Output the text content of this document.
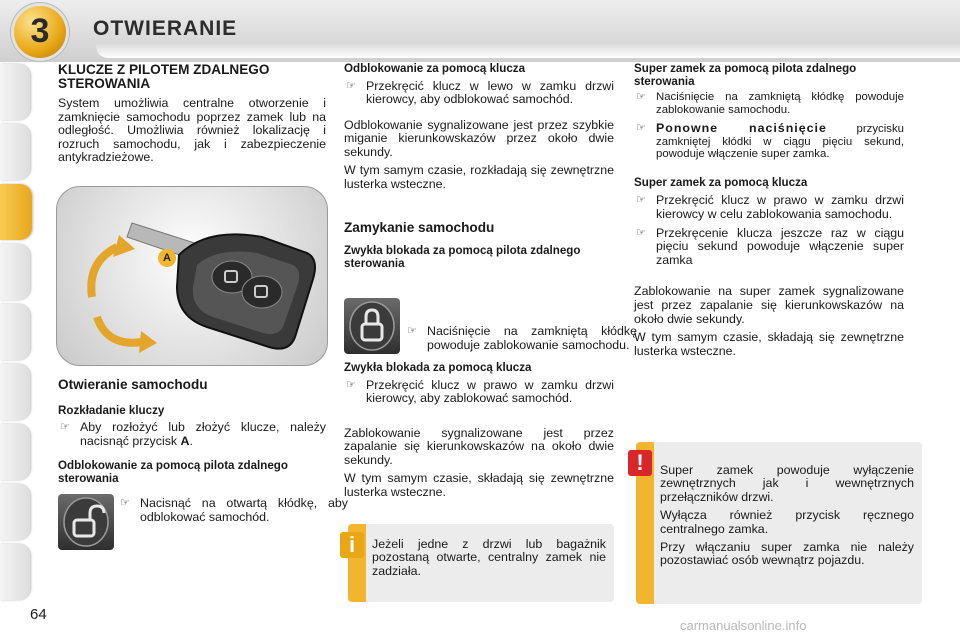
3	OTWIERANIE

KLUCZE Z PILOTEM ZDALNEGO STEROWANIA

System umożliwia centralne otworzenie i zamknięcie samochodu poprzez zamek lub na odległość. Umożliwia również lokalizację i rozruch samochodu, jak i zabezpieczenie antykradzieżowe.

A

Otwieranie samochodu

Rozkładanie kluczy

☞ Aby rozłożyć lub złożyć klucze, należy nacisnąć przycisk A.

Odblokowanie za pomocą pilota zdalnego sterowania

☞ Nacisnąć na otwartą kłódkę, aby odblokować samochód.

Odblokowanie za pomocą klucza

☞ Przekręcić klucz w lewo w zamku drzwi kierowcy, aby odblokować samochód.

Odblokowanie sygnalizowane jest przez szybkie miganie kierunkowskazów przez około dwie sekundy.

W tym samym czasie, rozkładają się zewnętrzne lusterka wsteczne.

Zamykanie samochodu

Zwykła blokada za pomocą pilota zdalnego sterowania

☞ Naciśnięcie na zamkniętą kłódkę powoduje zablokowanie samochodu.

Zwykła blokada za pomocą klucza

☞ Przekręcić klucz w prawo w zamku drzwi kierowcy, aby zablokować samochód.

Zablokowanie sygnalizowane jest przez zapalanie się kierunkowskazów na około dwie sekundy.

W tym samym czasie, składają się zewnętrzne lusterka wsteczne.

Jeżeli jedne z drzwi lub bagażnik pozostaną otwarte, centralny zamek nie zadziała.
i

Super zamek za pomocą pilota zdalnego sterowania

☞ Naciśnięcie na zamkniętą kłódkę powoduje zablokowanie samochodu.

☞ Ponowne naciśnięcie	przycisku zamkniętej kłódki w ciągu pięciu sekund, powoduje włączenie super zamka.

Super zamek za pomocą klucza

☞ Przekręcić klucz w prawo w zamku drzwi kierowcy w celu zablokowania samochodu.

☞ Przekręcenie klucza jeszcze raz w ciągu pięciu sekund powoduje włączenie super zamka

Zablokowanie na super zamek sygnalizowane jest przez zapalanie się kierunkowskazów na około dwie sekundy.

W tym samym czasie, składają się zewnętrzne lusterka wsteczne.

Super zamek powoduje wyłączenie zewnętrznych jak i wewnętrznych przełączników drzwi.

Wyłącza również przycisk ręcznego centralnego zamka.

Przy włączaniu super zamka nie należy pozostawiać osób wewnątrz pojazdu.

!
64
carmanualsonline.info
